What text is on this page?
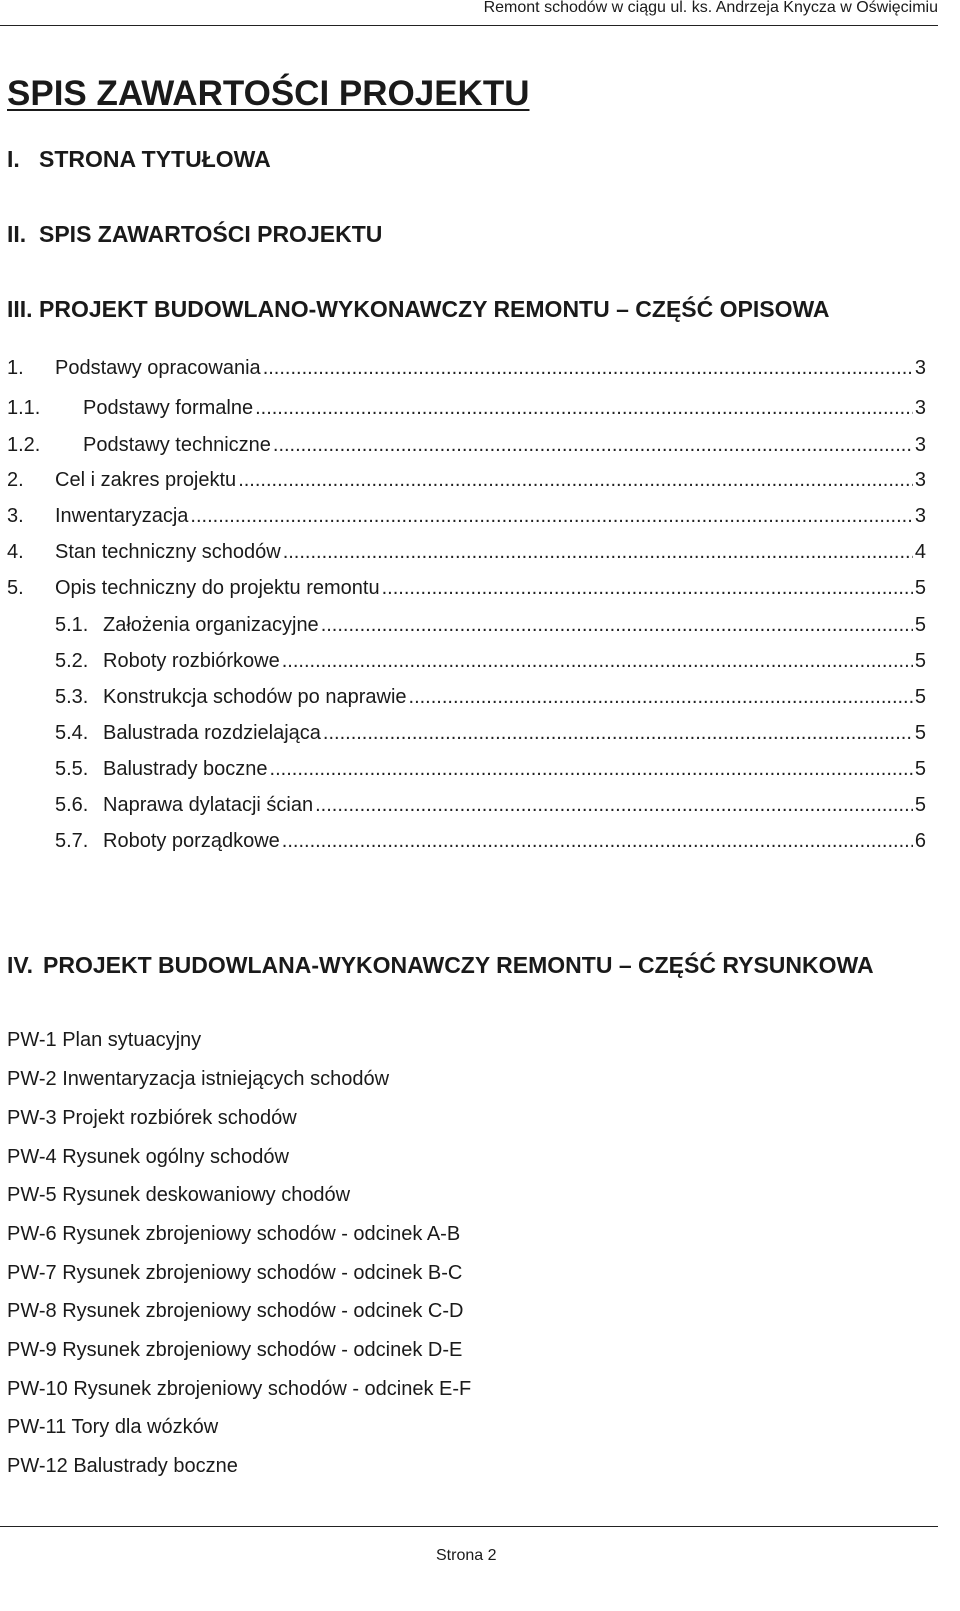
Remont schodów w ciągu ul. ks. Andrzeja Knycza w Oświęcimiu
SPIS ZAWARTOŚCI PROJEKTU
I. STRONA TYTUŁOWA
II. SPIS ZAWARTOŚCI PROJEKTU
III. PROJEKT BUDOWLANO-WYKONAWCZY REMONTU – CZĘŚĆ OPISOWA
1.	Podstawy opracowania .....	3
1.1.	Podstawy formalne .....	3
1.2.	Podstawy techniczne .....	3
2.	Cel i zakres projektu .....	3
3.	Inwentaryzacja .....	3
4.	Stan techniczny schodów .....	4
5.	Opis techniczny do projektu remontu .....	5
5.1. Założenia organizacyjne .....	5
5.2. Roboty rozbiórkowe .....	5
5.3. Konstrukcja schodów po naprawie .....	5
5.4. Balustrada rozdzielająca .....	5
5.5. Balustrady boczne .....	5
5.6. Naprawa dylatacji ścian .....	5
5.7. Roboty porządkowe .....	6
IV. PROJEKT BUDOWLANA-WYKONAWCZY REMONTU – CZĘŚĆ RYSUNKOWA
PW-1 Plan sytuacyjny
PW-2 Inwentaryzacja istniejących schodów
PW-3 Projekt rozbiórek schodów
PW-4 Rysunek ogólny schodów
PW-5 Rysunek deskowaniowy chodów
PW-6 Rysunek zbrojeniowy schodów - odcinek A-B
PW-7 Rysunek zbrojeniowy schodów - odcinek B-C
PW-8 Rysunek zbrojeniowy schodów - odcinek C-D
PW-9 Rysunek zbrojeniowy schodów - odcinek D-E
PW-10 Rysunek zbrojeniowy schodów - odcinek E-F
PW-11 Tory dla wózków
PW-12 Balustrady boczne
Strona 2
